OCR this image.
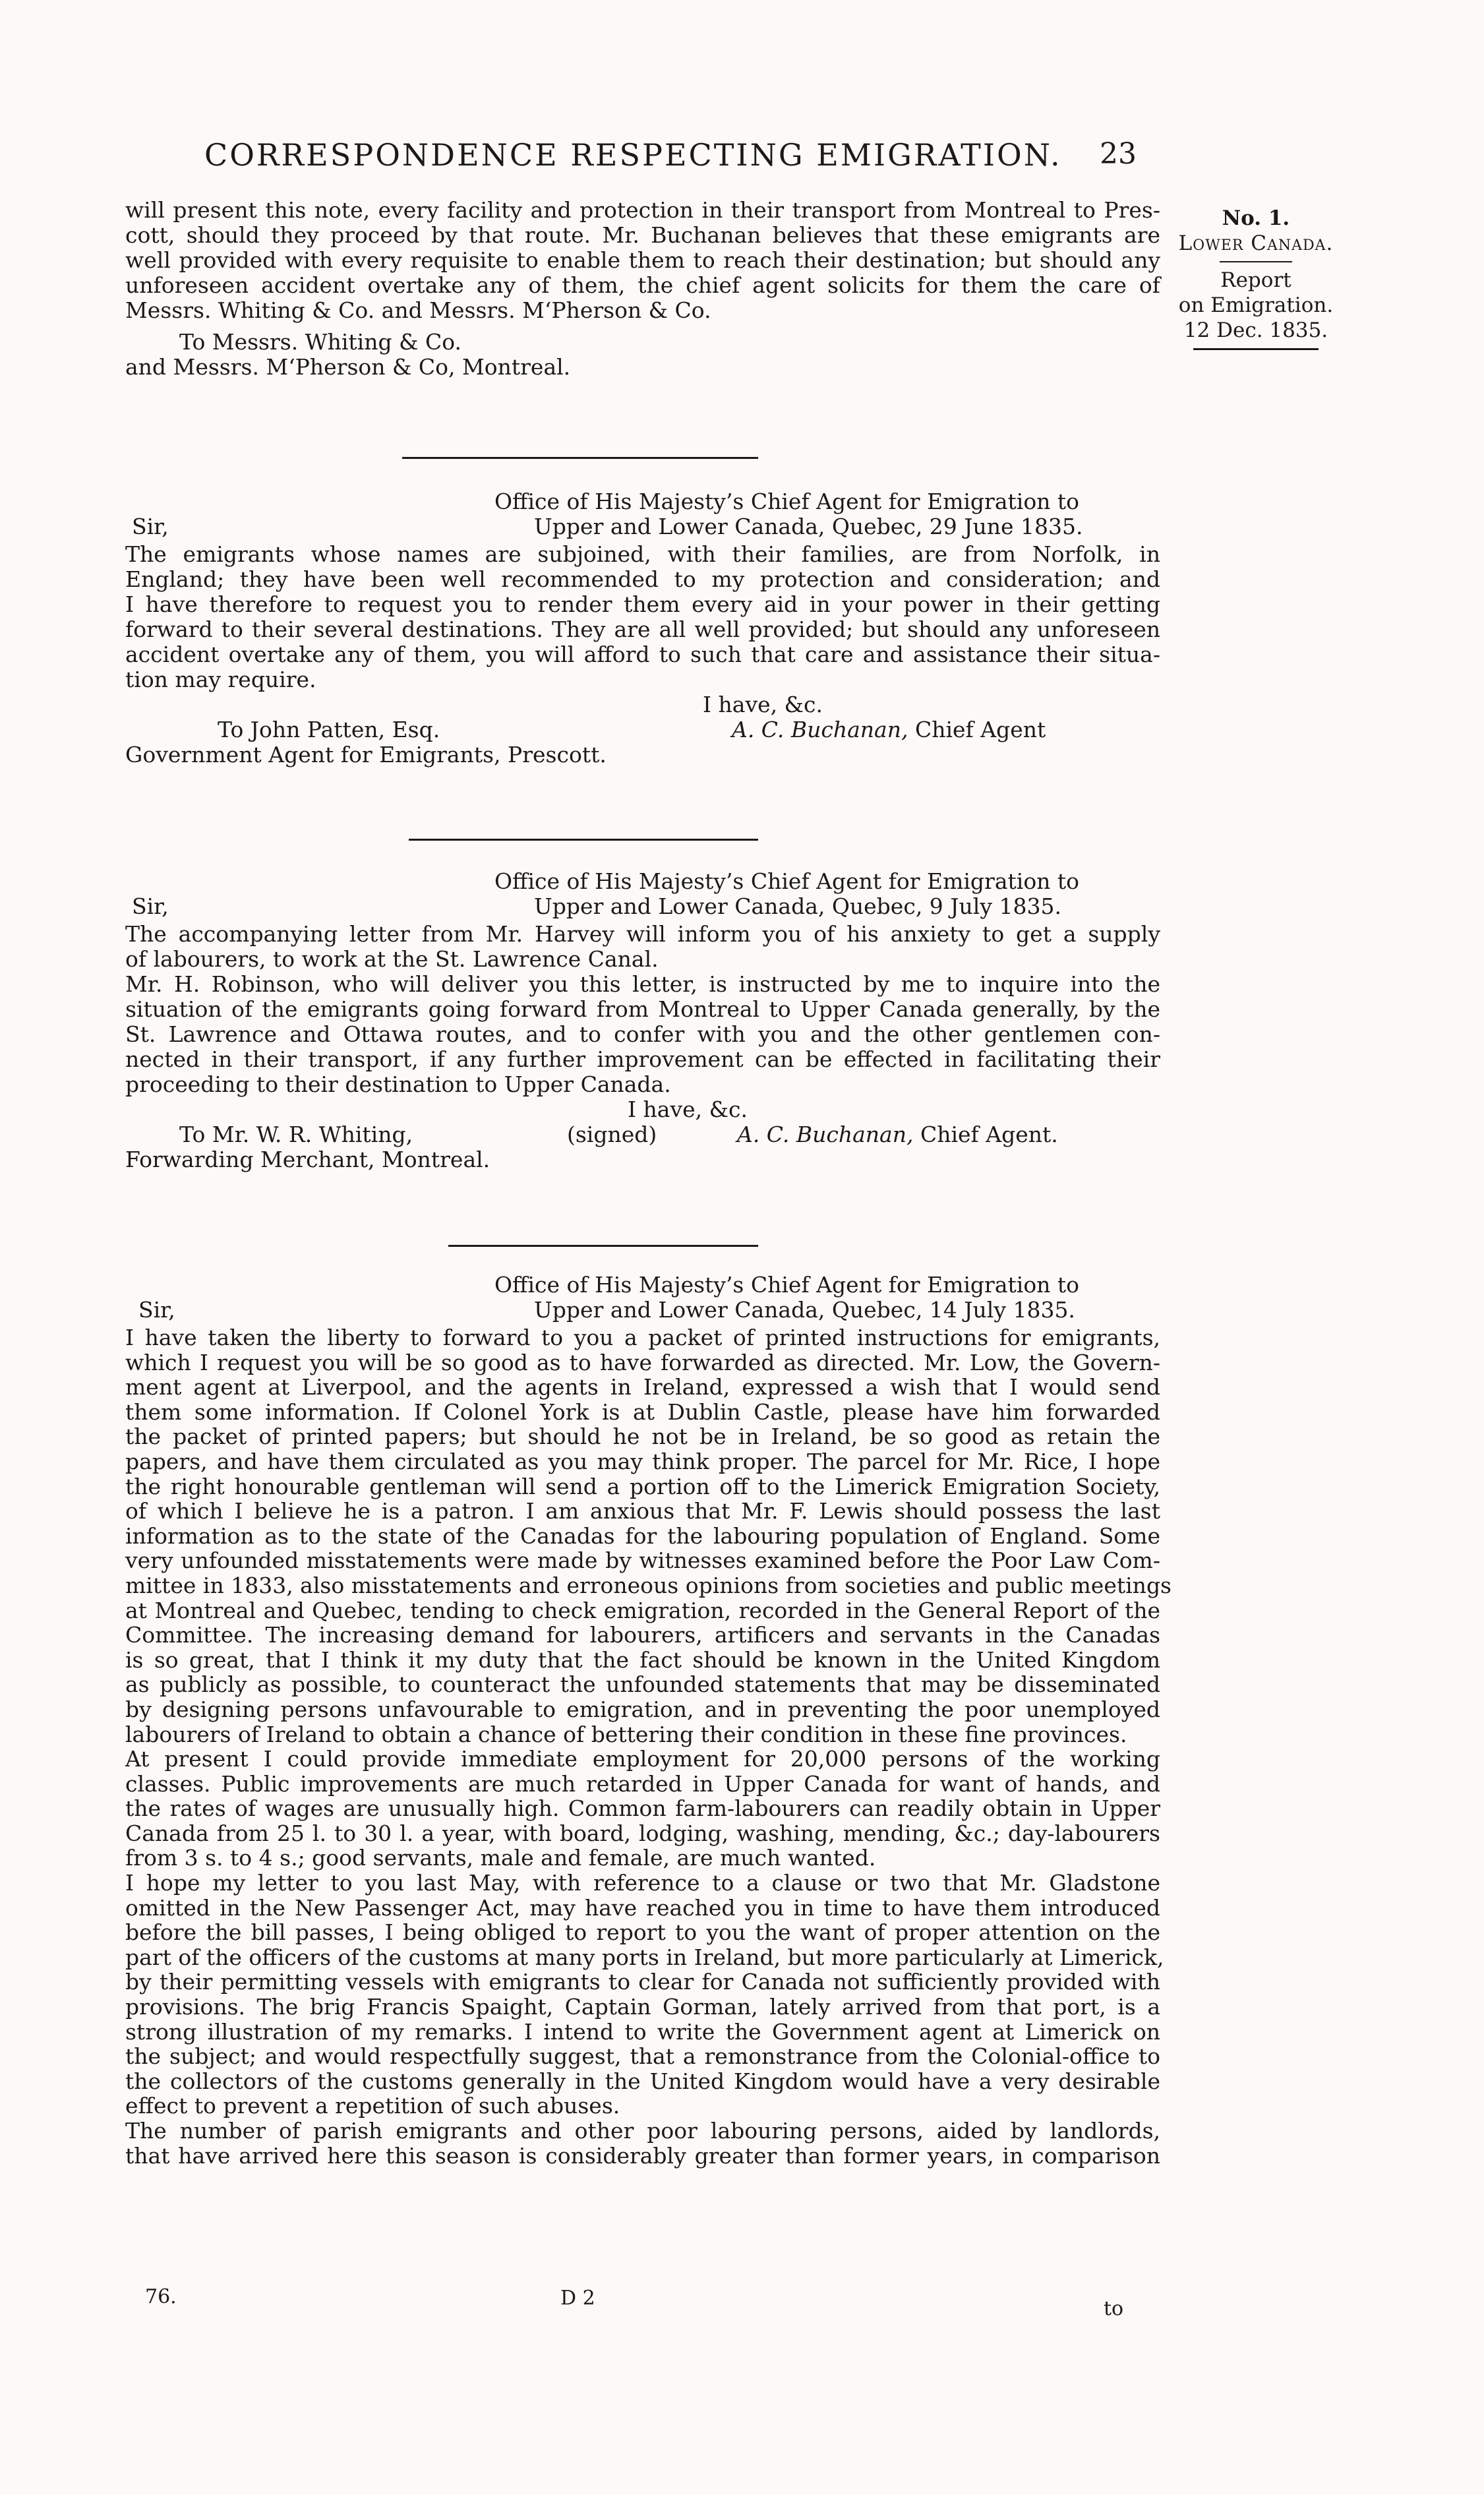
CORRESPONDENCE RESPECTING EMIGRATION. 23
No. 1.
Lower Canada.
Report
on Emigration.
12 Dec. 1835.
will present this note, every facility and protection in their transport from Montreal to Pres-
cott, should they proceed by that route. Mr. Buchanan believes that these emigrants are
well provided with every requisite to enable them to reach their destination; but should any
unforeseen accident overtake any of them, the chief agent solicits for them the care of
Messrs. Whiting & Co. and Messrs. M‘Pherson & Co.
To Messrs. Whiting & Co.
and Messrs. M‘Pherson & Co, Montreal.
Office of His Majesty’s Chief Agent for Emigration to
Upper and Lower Canada, Quebec, 29 June 1835.
Sir,
The emigrants whose names are subjoined, with their families, are from Norfolk, in
England; they have been well recommended to my protection and consideration; and
I have therefore to request you to render them every aid in your power in their getting
forward to their several destinations. They are all well provided; but should any unforeseen
accident overtake any of them, you will afford to such that care and assistance their situa-
tion may require.
I have, &c.
To John Patten, Esq.	A. C. Buchanan, Chief Agent
Government Agent for Emigrants, Prescott.
Office of His Majesty’s Chief Agent for Emigration to
Upper and Lower Canada, Quebec, 9 July 1835.
Sir,
The accompanying letter from Mr. Harvey will inform you of his anxiety to get a supply
of labourers, to work at the St. Lawrence Canal.
Mr. H. Robinson, who will deliver you this letter, is instructed by me to inquire into the
situation of the emigrants going forward from Montreal to Upper Canada generally, by the
St. Lawrence and Ottawa routes, and to confer with you and the other gentlemen con-
nected in their transport, if any further improvement can be effected in facilitating their
proceeding to their destination to Upper Canada.
I have, &c.
To Mr. W. R. Whiting,	(signed)	A. C. Buchanan, Chief Agent.
Forwarding Merchant, Montreal.
Office of His Majesty’s Chief Agent for Emigration to
Upper and Lower Canada, Quebec, 14 July 1835.
Sir,
I have taken the liberty to forward to you a packet of printed instructions for emigrants,
which I request you will be so good as to have forwarded as directed. Mr. Low, the Govern-
ment agent at Liverpool, and the agents in Ireland, expressed a wish that I would send
them some information. If Colonel York is at Dublin Castle, please have him forwarded
the packet of printed papers; but should he not be in Ireland, be so good as retain the
papers, and have them circulated as you may think proper. The parcel for Mr. Rice, I hope
the right honourable gentleman will send a portion off to the Limerick Emigration Society,
of which I believe he is a patron. I am anxious that Mr. F. Lewis should possess the last
information as to the state of the Canadas for the labouring population of England. Some
very unfounded misstatements were made by witnesses examined before the Poor Law Com-
mittee in 1833, also misstatements and erroneous opinions from societies and public meetings
at Montreal and Quebec, tending to check emigration, recorded in the General Report of the
Committee. The increasing demand for labourers, artificers and servants in the Canadas
is so great, that I think it my duty that the fact should be known in the United Kingdom
as publicly as possible, to counteract the unfounded statements that may be disseminated
by designing persons unfavourable to emigration, and in preventing the poor unemployed
labourers of Ireland to obtain a chance of bettering their condition in these fine provinces.
At present I could provide immediate employment for 20,000 persons of the working
classes. Public improvements are much retarded in Upper Canada for want of hands, and
the rates of wages are unusually high. Common farm-labourers can readily obtain in Upper
Canada from 25 l. to 30 l. a year, with board, lodging, washing, mending, &c.; day-labourers
from 3 s. to 4 s.; good servants, male and female, are much wanted.
I hope my letter to you last May, with reference to a clause or two that Mr. Gladstone
omitted in the New Passenger Act, may have reached you in time to have them introduced
before the bill passes, I being obliged to report to you the want of proper attention on the
part of the officers of the customs at many ports in Ireland, but more particularly at Limerick,
by their permitting vessels with emigrants to clear for Canada not sufficiently provided with
provisions. The brig Francis Spaight, Captain Gorman, lately arrived from that port, is a
strong illustration of my remarks. I intend to write the Government agent at Limerick on
the subject; and would respectfully suggest, that a remonstrance from the Colonial-office to
the collectors of the customs generally in the United Kingdom would have a very desirable
effect to prevent a repetition of such abuses.
The number of parish emigrants and other poor labouring persons, aided by landlords,
that have arrived here this season is considerably greater than former years, in comparison
76.	D 2	to
